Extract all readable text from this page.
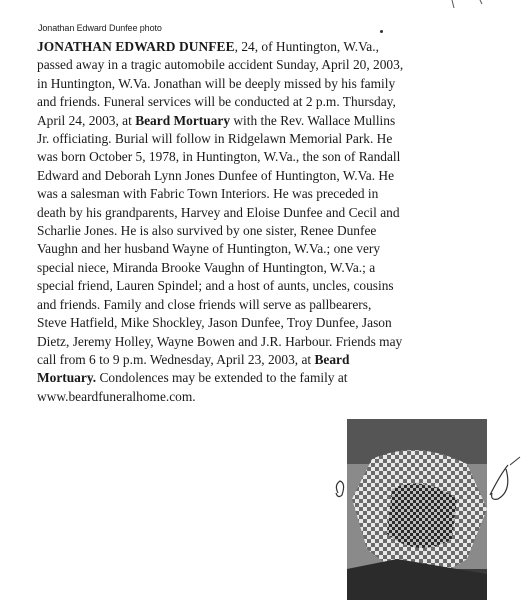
Jonathan Edward Dunfee photo
JONATHAN EDWARD DUNFEE, 24, of Huntington, W.Va.,
passed away in a tragic automobile accident Sunday, April 20, 2003,
in Huntington, W.Va. Jonathan will be deeply missed by his family
and friends. Funeral services will be conducted at 2 p.m. Thursday,
April 24, 2003, at Beard Mortuary with the Rev. Wallace Mullins
Jr. officiating. Burial will follow in Ridgelawn Memorial Park. He
was born October 5, 1978, in Huntington, W.Va., the son of Randall
Edward and Deborah Lynn Jones Dunfee of Huntington, W.Va. He
was a salesman with Fabric Town Interiors. He was preceded in
death by his grandparents, Harvey and Eloise Dunfee and Cecil and
Scharlie Jones. He is also survived by one sister, Renee Dunfee
Vaughn and her husband Wayne of Huntington, W.Va.; one very
special niece, Miranda Brooke Vaughn of Huntington, W.Va.; a
special friend, Lauren Spindel; and a host of aunts, uncles, cousins
and friends. Family and close friends will serve as pallbearers,
Steve Hatfield, Mike Shockley, Jason Dunfee, Troy Dunfee, Jason
Dietz, Jeremy Holley, Wayne Bowen and J.R. Harbour. Friends may
call from 6 to 9 p.m. Wednesday, April 23, 2003, at Beard
Mortuary. Condolences may be extended to the family at
www.beardfuneralhome.com.
